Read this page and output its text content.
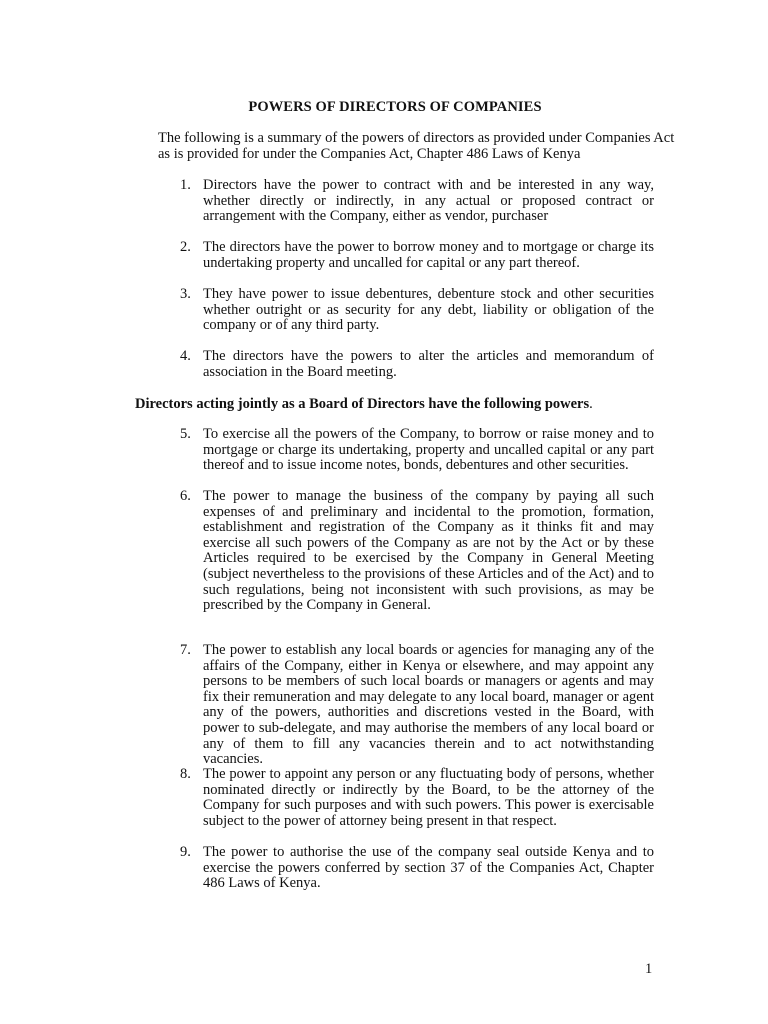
POWERS OF DIRECTORS OF COMPANIES
The following is a summary of the powers of directors as provided under Companies Act
as is provided for under the Companies Act, Chapter 486 Laws of Kenya
1. Directors have the power to contract with and be interested in any way, whether directly or indirectly, in any actual or proposed contract or arrangement with the Company, either as vendor, purchaser
2. The directors have the power to borrow money and to mortgage or charge its undertaking property and uncalled for capital or any part thereof.
3. They have power to issue debentures, debenture stock and other securities whether outright or as security for any debt, liability or obligation of the company or of any third party.
4. The directors have the powers to alter the articles and memorandum of association in the Board meeting.
Directors acting jointly as a Board of Directors have the following powers.
5. To exercise all the powers of the Company, to borrow or raise money and to mortgage or charge its undertaking, property and uncalled capital or any part thereof and to issue income notes, bonds, debentures and other securities.
6. The power to manage the business of the company by paying all such expenses of and preliminary and incidental to the promotion, formation, establishment and registration of the Company as it thinks fit and may exercise all such powers of the Company as are not by the Act or by these Articles required to be exercised by the Company in General Meeting (subject nevertheless to the provisions of these Articles and of the Act) and to such regulations, being not inconsistent with such provisions, as may be prescribed by the Company in General.
7. The power to establish any local boards or agencies for managing any of the affairs of the Company, either in Kenya or elsewhere, and may appoint any persons to be members of such local boards or managers or agents and may fix their remuneration and may delegate to any local board, manager or agent any of the powers, authorities and discretions vested in the Board, with power to sub-delegate, and may authorise the members of any local board or any of them to fill any vacancies therein and to act notwithstanding vacancies.
8. The power to appoint any person or any fluctuating body of persons, whether nominated directly or indirectly by the Board, to be the attorney of the Company for such purposes and with such powers. This power is exercisable subject to the power of attorney being present in that respect.
9. The power to authorise the use of the company seal outside Kenya and to exercise the powers conferred by section 37 of the Companies Act, Chapter 486 Laws of Kenya.
1
